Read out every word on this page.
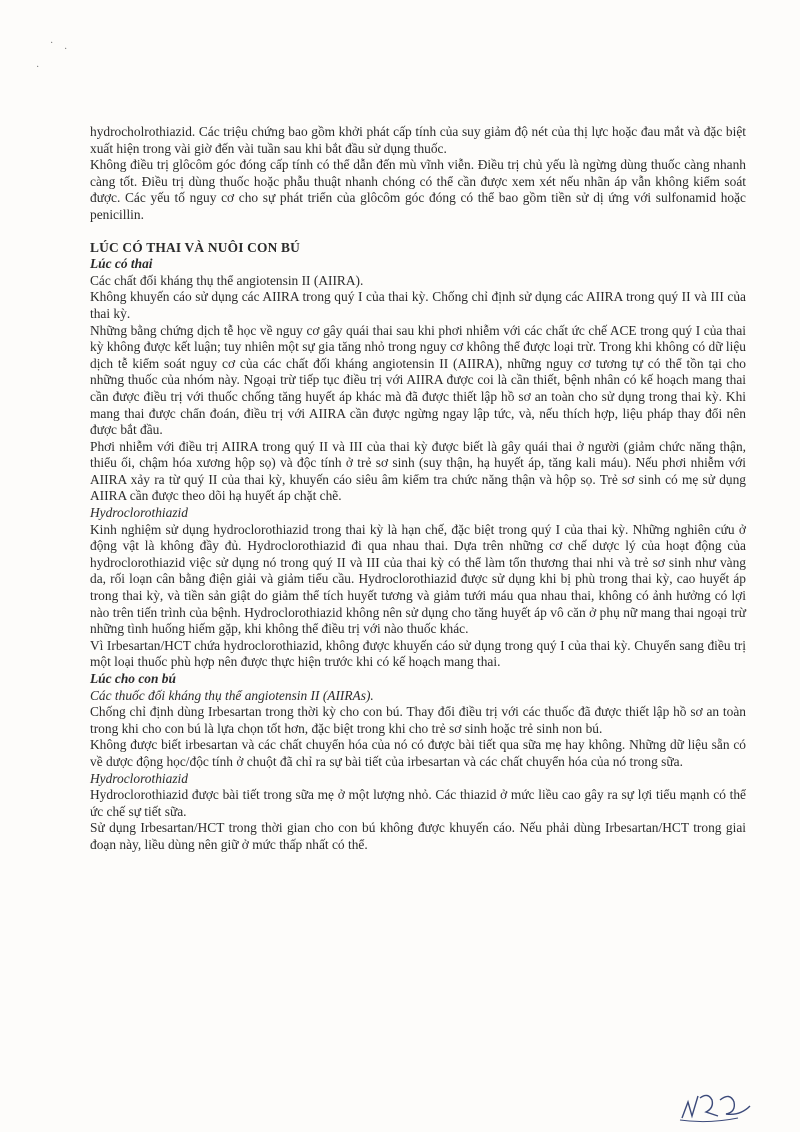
·
·
·

hydrocholrothiazid. Các triệu chứng bao gồm khởi phát cấp tính của suy giảm độ nét của thị lực hoặc đau mắt và đặc biệt xuất hiện trong vài giờ đến vài tuần sau khi bắt đầu sử dụng thuốc.

Không điều trị glôcôm góc đóng cấp tính có thể dẫn đến mù vĩnh viễn. Điều trị chủ yếu là ngừng dùng thuốc càng nhanh càng tốt. Điều trị dùng thuốc hoặc phẫu thuật nhanh chóng có thể cần được xem xét nếu nhãn áp vẫn không kiểm soát được. Các yếu tố nguy cơ cho sự phát triển của glôcôm góc đóng có thể bao gồm tiền sử dị ứng với sulfonamid hoặc penicillin.

LÚC CÓ THAI VÀ NUÔI CON BÚ

Lúc có thai

Các chất đối kháng thụ thể angiotensin II (AIIRA).

Không khuyến cáo sử dụng các AIIRA trong quý I của thai kỳ. Chống chỉ định sử dụng các AIIRA trong quý II và III của thai kỳ.

Những bằng chứng dịch tễ học về nguy cơ gây quái thai sau khi phơi nhiễm với các chất ức chế ACE trong quý I của thai kỳ không được kết luận; tuy nhiên một sự gia tăng nhỏ trong nguy cơ không thể được loại trừ. Trong khi không có dữ liệu dịch tễ kiểm soát nguy cơ của các chất đối kháng angiotensin II (AIIRA), những nguy cơ tương tự có thể tồn tại cho những thuốc của nhóm này. Ngoại trừ tiếp tục điều trị với AIIRA được coi là cần thiết, bệnh nhân có kế hoạch mang thai cần được điều trị với thuốc chống tăng huyết áp khác mà đã được thiết lập hồ sơ an toàn cho sử dụng trong thai kỳ. Khi mang thai được chẩn đoán, điều trị với AIIRA cần được ngừng ngay lập tức, và, nếu thích hợp, liệu pháp thay đổi nên được bắt đầu.

Phơi nhiễm với điều trị AIIRA trong quý II và III của thai kỳ được biết là gây quái thai ở người (giảm chức năng thận, thiểu ối, chậm hóa xương hộp sọ) và độc tính ở trẻ sơ sinh (suy thận, hạ huyết áp, tăng kali máu). Nếu phơi nhiễm với AIIRA xảy ra từ quý II của thai kỳ, khuyến cáo siêu âm kiểm tra chức năng thận và hộp sọ. Trẻ sơ sinh có mẹ sử dụng AIIRA cần được theo dõi hạ huyết áp chặt chẽ.

Hydroclorothiazid

Kinh nghiệm sử dụng hydroclorothiazid trong thai kỳ là hạn chế, đặc biệt trong quý I của thai kỳ. Những nghiên cứu ở động vật là không đầy đủ. Hydroclorothiazid đi qua nhau thai. Dựa trên những cơ chế dược lý của hoạt động của hydroclorothiazid việc sử dụng nó trong quý II và III của thai kỳ có thể làm tổn thương thai nhi và trẻ sơ sinh như vàng da, rối loạn cân bằng điện giải và giảm tiểu cầu. Hydroclorothiazid được sử dụng khi bị phù trong thai kỳ, cao huyết áp trong thai kỳ, và tiền sản giật do giảm thể tích huyết tương và giảm tưới máu qua nhau thai, không có ảnh hưởng có lợi nào trên tiến trình của bệnh. Hydroclorothiazid không nên sử dụng cho tăng huyết áp vô căn ở phụ nữ mang thai ngoại trừ những tình huống hiếm gặp, khi không thể điều trị với nào thuốc khác.

Vì Irbesartan/HCT chứa hydroclorothiazid, không được khuyến cáo sử dụng trong quý I của thai kỳ. Chuyển sang điều trị một loại thuốc phù hợp nên được thực hiện trước khi có kế hoạch mang thai.

Lúc cho con bú

Các thuốc đối kháng thụ thể angiotensin II (AIIRAs).

Chống chỉ định dùng Irbesartan trong thời kỳ cho con bú. Thay đổi điều trị với các thuốc đã được thiết lập hồ sơ an toàn trong khi cho con bú là lựa chọn tốt hơn, đặc biệt trong khi cho trẻ sơ sinh hoặc trẻ sinh non bú.

Không được biết irbesartan và các chất chuyển hóa của nó có được bài tiết qua sữa mẹ hay không. Những dữ liệu sẵn có về dược động học/độc tính ở chuột đã chỉ ra sự bài tiết của irbesartan và các chất chuyển hóa của nó trong sữa.

Hydroclorothiazid

Hydroclorothiazid được bài tiết trong sữa mẹ ở một lượng nhỏ. Các thiazid ở mức liều cao gây ra sự lợi tiểu mạnh có thể ức chế sự tiết sữa.

Sử dụng Irbesartan/HCT trong thời gian cho con bú không được khuyến cáo. Nếu phải dùng Irbesartan/HCT trong giai đoạn này, liều dùng nên giữ ở mức thấp nhất có thể.
